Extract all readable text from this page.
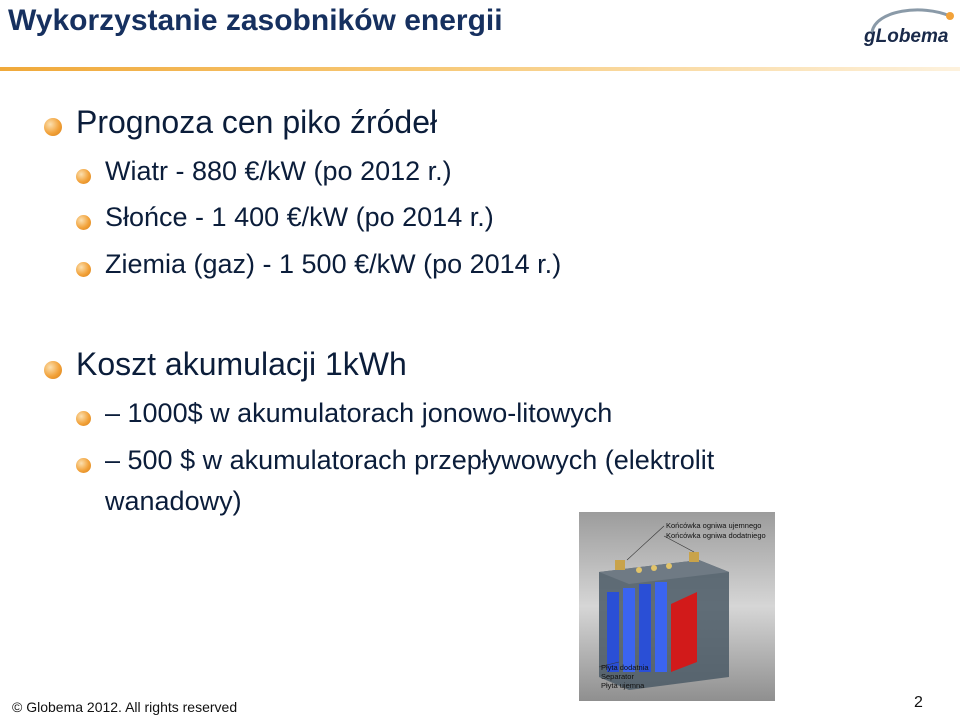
Wykorzystanie zasobników energii	gLobema
Prognoza cen piko źródeł
Wiatr - 880 €/kW (po 2012 r.)
Słońce - 1 400 €/kW (po 2014 r.)
Ziemia (gaz) - 1 500 €/kW (po 2014 r.)
Koszt akumulacji 1kWh
– 1000$ w akumulatorach jonowo-litowych
– 500 $ w akumulatorach przepływowych (elektrolit
wanadowy)
Końcówka ogniwa ujemnego
Końcówka ogniwa dodatniego
Płyta dodatnia
Separator
Płyta ujemna
© Globema 2012. All rights reserved	2
